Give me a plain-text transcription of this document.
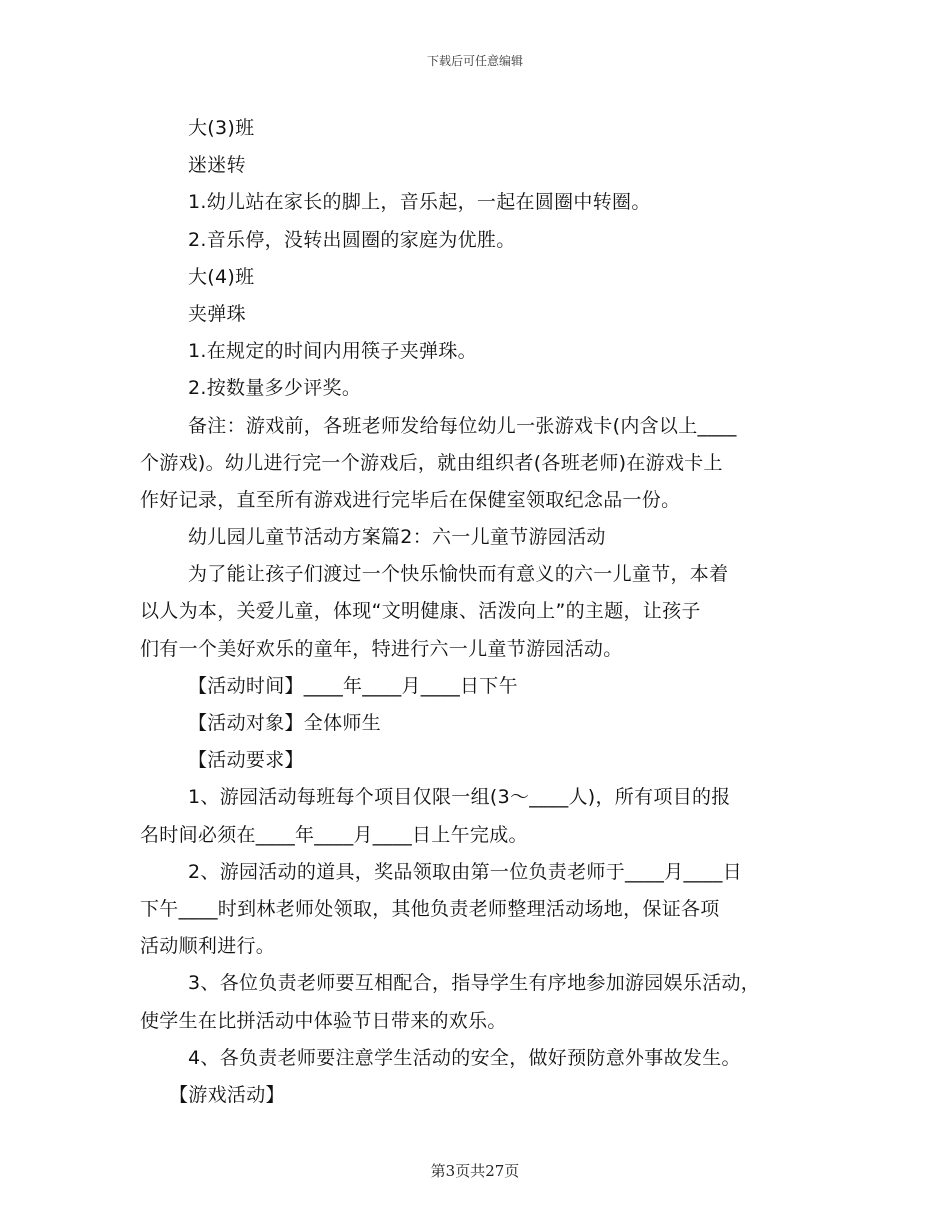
下载后可任意编辑
大(3)班
迷迷转
1.幼儿站在家长的脚上，音乐起，一起在圆圈中转圈。
2.音乐停，没转出圆圈的家庭为优胜。
大(4)班
夹弹珠
1.在规定的时间内用筷子夹弹珠。
2.按数量多少评奖。
备注：游戏前，各班老师发给每位幼儿一张游戏卡(内含以上____
个游戏)。幼儿进行完一个游戏后，就由组织者(各班老师)在游戏卡上
作好记录，直至所有游戏进行完毕后在保健室领取纪念品一份。
幼儿园儿童节活动方案篇2：六一儿童节游园活动
为了能让孩子们渡过一个快乐愉快而有意义的六一儿童节，本着
以人为本，关爱儿童，体现“文明健康、活泼向上”的主题，让孩子
们有一个美好欢乐的童年，特进行六一儿童节游园活动。
【活动时间】____年____月____日下午
【活动对象】全体师生
【活动要求】
1、游园活动每班每个项目仅限一组(3～____人)，所有项目的报
名时间必须在____年____月____日上午完成。
2、游园活动的道具，奖品领取由第一位负责老师于____月____日
下午____时到林老师处领取，其他负责老师整理活动场地，保证各项
活动顺利进行。
3、各位负责老师要互相配合，指导学生有序地参加游园娱乐活动，
使学生在比拼活动中体验节日带来的欢乐。
4、各负责老师要注意学生活动的安全，做好预防意外事故发生。
【游戏活动】
第3页共27页
